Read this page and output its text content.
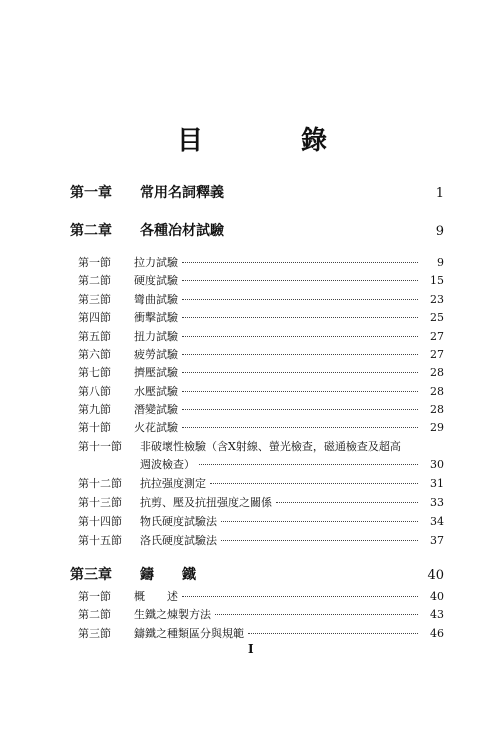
目　錄
第一章	常用名詞釋義	1
第二章	各種冶材試驗	9
第一節	拉力試驗	9
第二節	硬度試驗	15
第三節	彎曲試驗	23
第四節	衝擊試驗	25
第五節	扭力試驗	27
第六節	疲勞試驗	27
第七節	擠壓試驗	28
第八節	水壓試驗	28
第九節	潛變試驗	28
第十節	火花試驗	29
第十一節	非破壞性檢驗（含X射線、螢光檢查，磁通檢查及超高
週波檢查）	30
第十二節	抗拉强度測定	31
第十三節	抗剪、壓及抗扭强度之關係	33
第十四節	物氏硬度試驗法	34
第十五節	洛氏硬度試驗法	37
第三章	鑄　　鐵	40
第一節	概　　述	40
第二節	生鐵之煉製方法	43
第三節	鑄鐵之種類區分與規範	46
I
